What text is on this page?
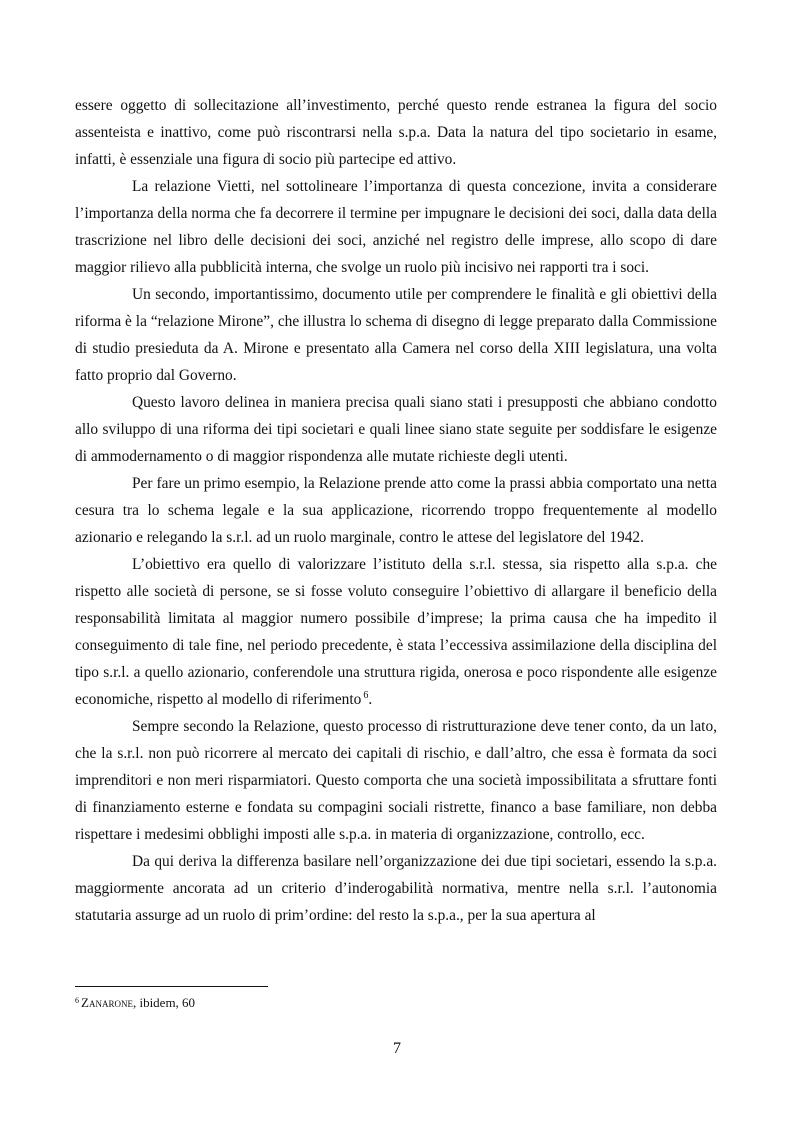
essere oggetto di sollecitazione all’investimento, perché questo rende estranea la figura del socio assenteista e inattivo, come può riscontrarsi nella s.p.a. Data la natura del tipo societario in esame, infatti, è essenziale una figura di socio più partecipe ed attivo.

La relazione Vietti, nel sottolineare l’importanza di questa concezione, invita a considerare l’importanza della norma che fa decorrere il termine per impugnare le decisioni dei soci, dalla data della trascrizione nel libro delle decisioni dei soci, anziché nel registro delle imprese, allo scopo di dare maggior rilievo alla pubblicità interna, che svolge un ruolo più incisivo nei rapporti tra i soci.

Un secondo, importantissimo, documento utile per comprendere le finalità e gli obiettivi della riforma è la “relazione Mirone”, che illustra lo schema di disegno di legge preparato dalla Commissione di studio presieduta da A. Mirone e presentato alla Camera nel corso della XIII legislatura, una volta fatto proprio dal Governo.

Questo lavoro delinea in maniera precisa quali siano stati i presupposti che abbiano condotto allo sviluppo di una riforma dei tipi societari e quali linee siano state seguite per soddisfare le esigenze di ammodernamento o di maggior rispondenza alle mutate richieste degli utenti.

Per fare un primo esempio, la Relazione prende atto come la prassi abbia comportato una netta cesura tra lo schema legale e la sua applicazione, ricorrendo troppo frequentemente al modello azionario e relegando la s.r.l. ad un ruolo marginale, contro le attese del legislatore del 1942.

L’obiettivo era quello di valorizzare l’istituto della s.r.l. stessa, sia rispetto alla s.p.a. che rispetto alle società di persone, se si fosse voluto conseguire l’obiettivo di allargare il beneficio della responsabilità limitata al maggior numero possibile d’imprese; la prima causa che ha impedito il conseguimento di tale fine, nel periodo precedente, è stata l’eccessiva assimilazione della disciplina del tipo s.r.l. a quello azionario, conferendole una struttura rigida, onerosa e poco rispondente alle esigenze economiche, rispetto al modello di riferimento $^6$.

Sempre secondo la Relazione, questo processo di ristrutturazione deve tener conto, da un lato, che la s.r.l. non può ricorrere al mercato dei capitali di rischio, e dall’altro, che essa è formata da soci imprenditori e non meri risparmiatori. Questo comporta che una società impossibilitata a sfruttare fonti di finanziamento esterne e fondata su compagini sociali ristrette, financo a base familiare, non debba rispettare i medesimi obblighi imposti alle s.p.a. in materia di organizzazione, controllo, ecc.

Da qui deriva la differenza basilare nell’organizzazione dei due tipi societari, essendo la s.p.a. maggiormente ancorata ad un criterio d’inderogabilità normativa, mentre nella s.r.l. l’autonomia statutaria assurge ad un ruolo di prim’ordine: del resto la s.p.a., per la sua apertura al

$^6$ Zanarone, ibidem, 60
7
